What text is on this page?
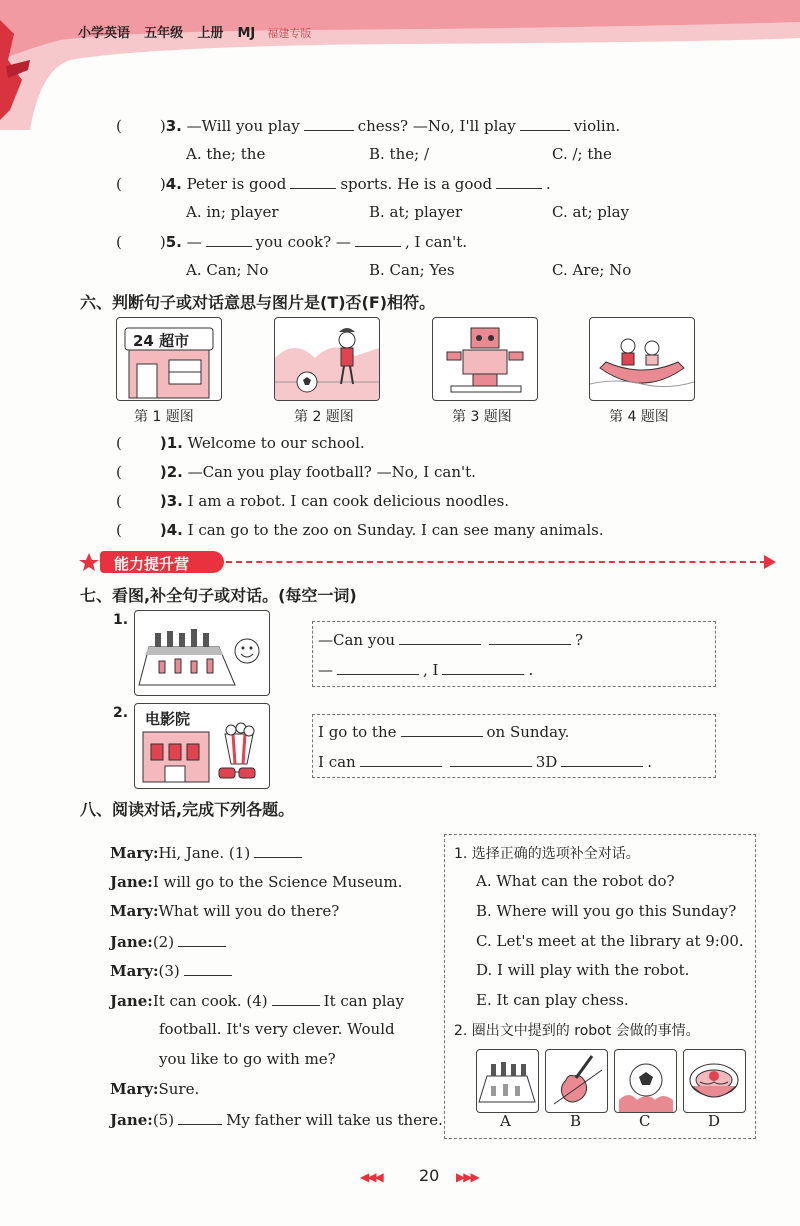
小学英语 五年级 上册 MJ 福建专版
(	)3. —Will you play	chess? —No, I'll play	violin.
A. the; the	B. the; /	C. /; the
(	)4. Peter is good	sports. He is a good	.
A. in; player	B. at; player	C. at; play
(	)5. —	you cook? —	, I can't.
A. Can; No	B. Can; Yes	C. Are; No
六、判断句子或对话意思与图片是(T)否(F)相符。
24 超市
第 1 题图	第 2 题图	第 3 题图	第 4 题图
(	)1. Welcome to our school.
(	)2. —Can you play football? —No, I can't.
(	)3. I am a robot. I can cook delicious noodles.
(	)4. I can go to the zoo on Sunday. I can see many animals.
能力提升营
七、看图,补全句子或对话。(每空一词)
1.
—Can you	?
—	, I	.
2. 电影院
I go to the	on Sunday.
I can	3D	.
八、阅读对话,完成下列各题。
Mary:Hi, Jane. (1)
Jane:I will go to the Science Museum.
Mary:What will you do there?
Jane:(2)
Mary:(3)
Jane:It can cook. (4)	It can play
football. It's very clever. Would
you like to go with me?
Mary:Sure.
Jane:(5)	My father will take us there.
1. 选择正确的选项补全对话。
A. What can the robot do?
B. Where will you go this Sunday?
C. Let's meet at the library at 9:00.
D. I will play with the robot.
E. It can play chess.
2. 圈出文中提到的 robot 会做的事情。
A	B	C	D
◀◀◀ 20 ▶▶▶
